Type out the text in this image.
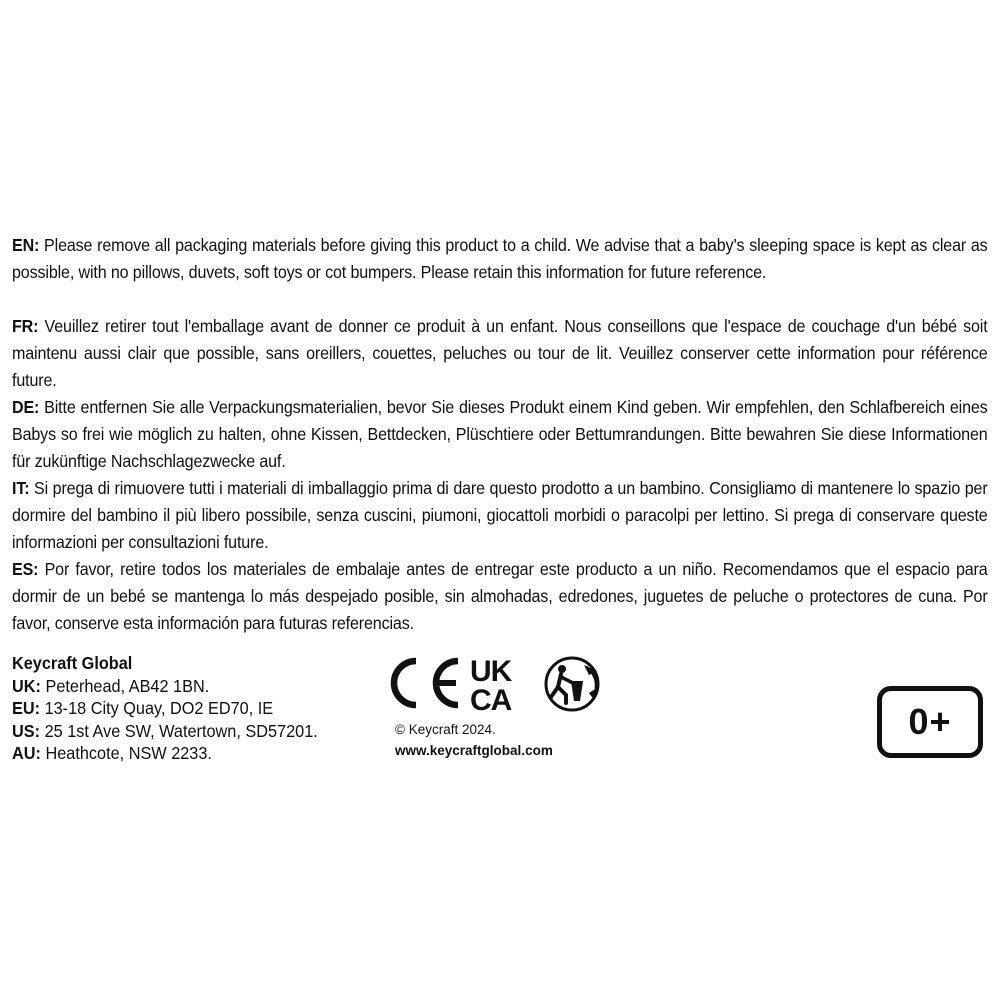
EN: Please remove all packaging materials before giving this product to a child. We advise that a baby’s sleeping space is kept as clear as possible, with no pillows, duvets, soft toys or cot bumpers. Please retain this information for future reference.

FR: Veuillez retirer tout l'emballage avant de donner ce produit à un enfant. Nous conseillons que l'espace de couchage d'un bébé soit maintenu aussi clair que possible, sans oreillers, couettes, peluches ou tour de lit. Veuillez conserver cette information pour référence future.

DE: Bitte entfernen Sie alle Verpackungsmaterialien, bevor Sie dieses Produkt einem Kind geben. Wir empfehlen, den Schlafbereich eines Babys so frei wie möglich zu halten, ohne Kissen, Bettdecken, Plüschtiere oder Bettumrandungen. Bitte bewahren Sie diese Informationen für zukünftige Nachschlagezwecke auf.

IT: Si prega di rimuovere tutti i materiali di imballaggio prima di dare questo prodotto a un bambino. Consigliamo di mantenere lo spazio per dormire del bambino il più libero possibile, senza cuscini, piumoni, giocattoli morbidi o paracolpi per lettino. Si prega di conservare queste informazioni per consultazioni future.

ES: Por favor, retire todos los materiales de embalaje antes de entregar este producto a un niño. Recomendamos que el espacio para dormir de un bebé se mantenga lo más despejado posible, sin almohadas, edredones, juguetes de peluche o protectores de cuna. Por favor, conserve esta información para futuras referencias.

Keycraft Global
UK: Peterhead, AB42 1BN.
EU: 13-18 City Quay, DO2 ED70, IE
US: 25 1st Ave SW, Watertown, SD57201.
AU: Heathcote, NSW 2233.
UK
CA
© Keycraft 2024.
www.keycraftglobal.com
0+
